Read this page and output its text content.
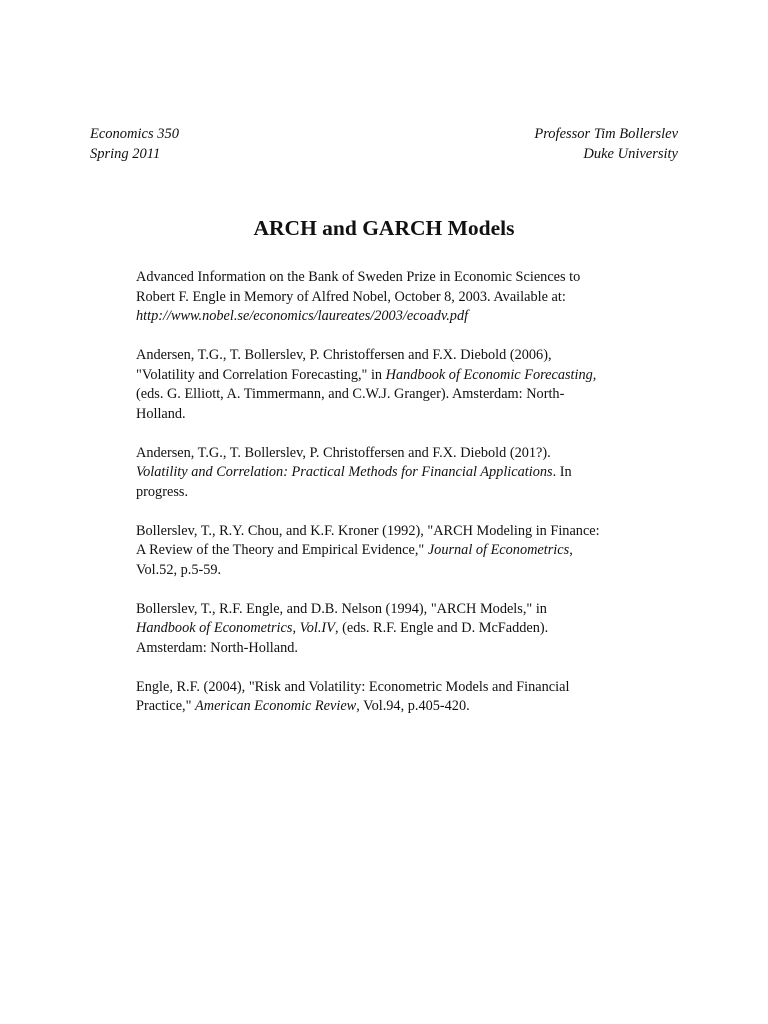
Economics 350
Spring 2011
Professor Tim Bollerslev
Duke University
ARCH and GARCH Models
Advanced Information on the Bank of Sweden Prize in Economic Sciences to
Robert F. Engle in Memory of Alfred Nobel, October 8, 2003. Available at:
http://www.nobel.se/economics/laureates/2003/ecoadv.pdf
Andersen, T.G., T. Bollerslev, P. Christoffersen and F.X. Diebold (2006),
"Volatility and Correlation Forecasting," in Handbook of Economic Forecasting,
(eds. G. Elliott, A. Timmermann, and C.W.J. Granger). Amsterdam: North-
Holland.
Andersen, T.G., T. Bollerslev, P. Christoffersen and F.X. Diebold (201?).
Volatility and Correlation: Practical Methods for Financial Applications. In
progress.
Bollerslev, T., R.Y. Chou, and K.F. Kroner (1992), "ARCH Modeling in Finance:
A Review of the Theory and Empirical Evidence," Journal of Econometrics,
Vol.52, p.5-59.
Bollerslev, T., R.F. Engle, and D.B. Nelson (1994), "ARCH Models," in
Handbook of Econometrics, Vol.IV, (eds. R.F. Engle and D. McFadden).
Amsterdam: North-Holland.
Engle, R.F. (2004), "Risk and Volatility: Econometric Models and Financial
Practice," American Economic Review, Vol.94, p.405-420.
